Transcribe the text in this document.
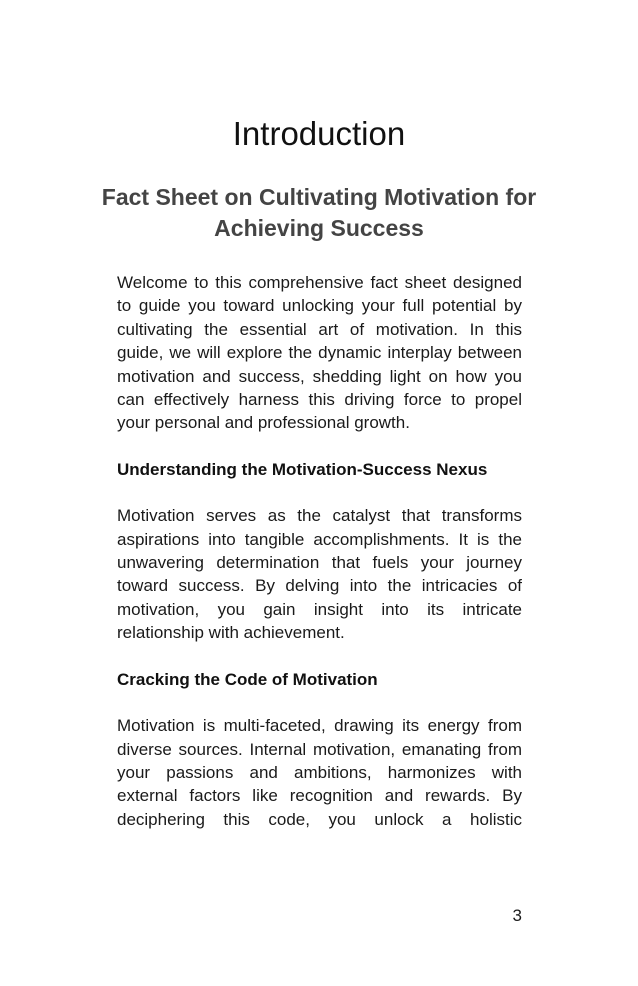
Introduction
Fact Sheet on Cultivating Motivation for Achieving Success

Welcome to this comprehensive fact sheet designed to guide you toward unlocking your full potential by cultivating the essential art of motivation. In this guide, we will explore the dynamic interplay between motivation and success, shedding light on how you can effectively harness this driving force to propel your personal and professional growth.

Understanding the Motivation-Success Nexus

Motivation serves as the catalyst that transforms aspirations into tangible accomplishments. It is the unwavering determination that fuels your journey toward success. By delving into the intricacies of motivation, you gain insight into its intricate relationship with achievement.

Cracking the Code of Motivation

Motivation is multi-faceted, drawing its energy from diverse sources. Internal motivation, emanating from your passions and ambitions, harmonizes with external factors like recognition and rewards. By deciphering this code, you unlock a holistic

3
